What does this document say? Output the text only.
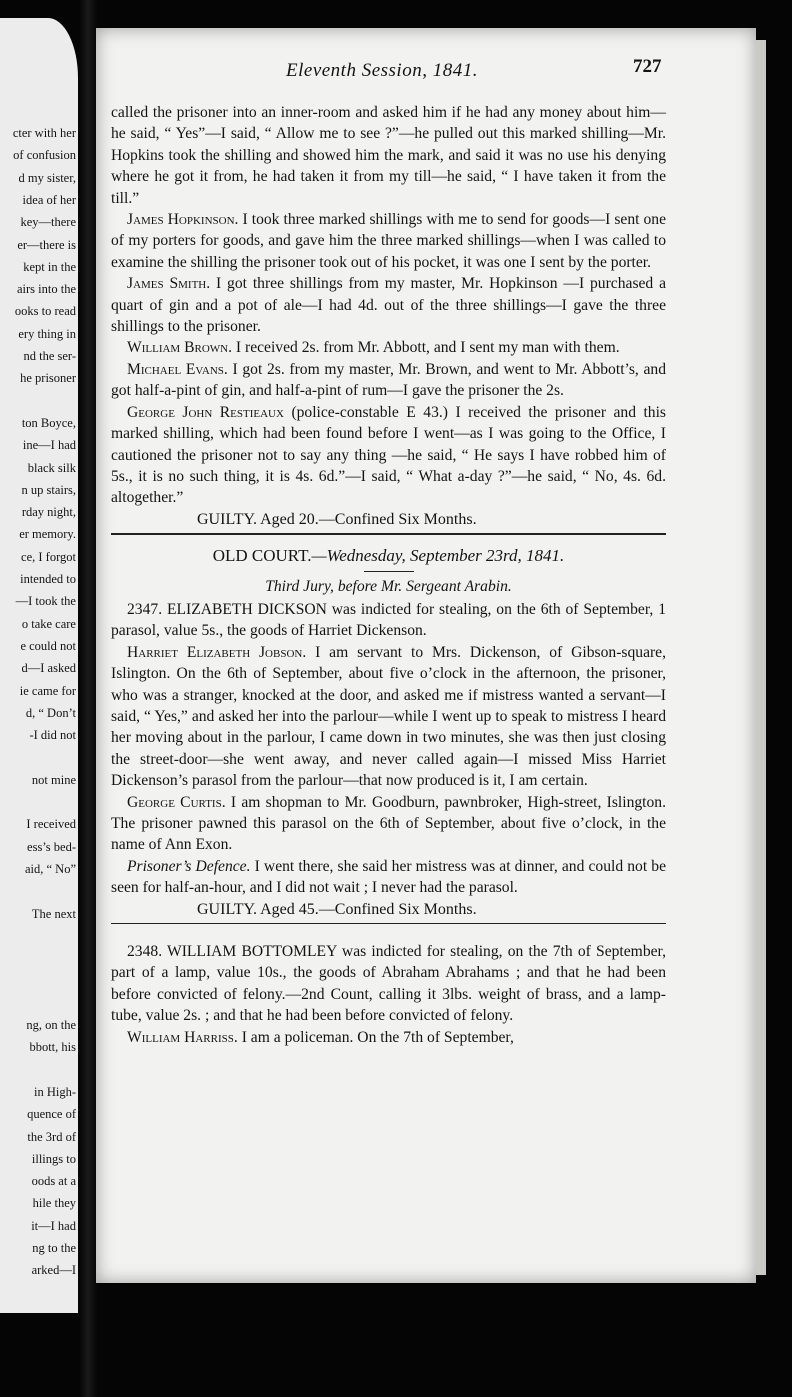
cter with her
of confusion
d my sister,
idea of her
key—there
er—there is
kept in the
airs into the
ooks to read
ery thing in
nd the ser-
he prisoner
ton Boyce,
ine—I had
black silk
n up stairs,
rday night,
er memory.
ce, I forgot
intended to
—I took the
o take care
e could not
d—I asked
ie came for
d, “ Don’t
-I did not
not mine
I received
ess’s bed-
aid, “ No”
The next
ng, on the
bbott, his
in High-
quence of
the 3rd of
illings to
oods at a
hile they
it—I had
ng to the
arked—I
Eleventh Session, 1841.	727

called the prisoner into an inner-room and asked him if he had any money about him—he said, “ Yes”—I said, “ Allow me to see ?”—he pulled out this marked shilling—Mr. Hopkins took the shilling and showed him the mark, and said it was no use his denying where he got it from, he had taken it from my till—he said, “ I have taken it from the till.”

James Hopkinson. I took three marked shillings with me to send for goods—I sent one of my porters for goods, and gave him the three marked shillings—when I was called to examine the shilling the prisoner took out of his pocket, it was one I sent by the porter.

James Smith. I got three shillings from my master, Mr. Hopkinson —I purchased a quart of gin and a pot of ale—I had 4d. out of the three shillings—I gave the three shillings to the prisoner.

William Brown. I received 2s. from Mr. Abbott, and I sent my man with them.

Michael Evans. I got 2s. from my master, Mr. Brown, and went to Mr. Abbott’s, and got half-a-pint of gin, and half-a-pint of rum—I gave the prisoner the 2s.

George John Restieaux (police-constable E 43.) I received the prisoner and this marked shilling, which had been found before I went—as I was going to the Office, I cautioned the prisoner not to say any thing —he said, “ He says I have robbed him of 5s., it is no such thing, it is 4s. 6d.”—I said, “ What a-day ?”—he said, “ No, 4s. 6d. altogether.”

GUILTY. Aged 20.—Confined Six Months.

OLD COURT.—Wednesday, September 23rd, 1841.

Third Jury, before Mr. Sergeant Arabin.

2347. ELIZABETH DICKSON was indicted for stealing, on the 6th of September, 1 parasol, value 5s., the goods of Harriet Dickenson.

Harriet Elizabeth Jobson. I am servant to Mrs. Dickenson, of Gibson-square, Islington. On the 6th of September, about five o’clock in the afternoon, the prisoner, who was a stranger, knocked at the door, and asked me if mistress wanted a servant—I said, “ Yes,” and asked her into the parlour—while I went up to speak to mistress I heard her moving about in the parlour, I came down in two minutes, she was then just closing the street-door—she went away, and never called again—I missed Miss Harriet Dickenson’s parasol from the parlour—that now produced is it, I am certain.

George Curtis. I am shopman to Mr. Goodburn, pawnbroker, High-street, Islington. The prisoner pawned this parasol on the 6th of September, about five o’clock, in the name of Ann Exon.

Prisoner’s Defence. I went there, she said her mistress was at dinner, and could not be seen for half-an-hour, and I did not wait ; I never had the parasol.

GUILTY. Aged 45.—Confined Six Months.

2348. WILLIAM BOTTOMLEY was indicted for stealing, on the 7th of September, part of a lamp, value 10s., the goods of Abraham Abrahams ; and that he had been before convicted of felony.—2nd Count, calling it 3lbs. weight of brass, and a lamp-tube, value 2s. ; and that he had been before convicted of felony.

William Harriss. I am a policeman. On the 7th of September,
